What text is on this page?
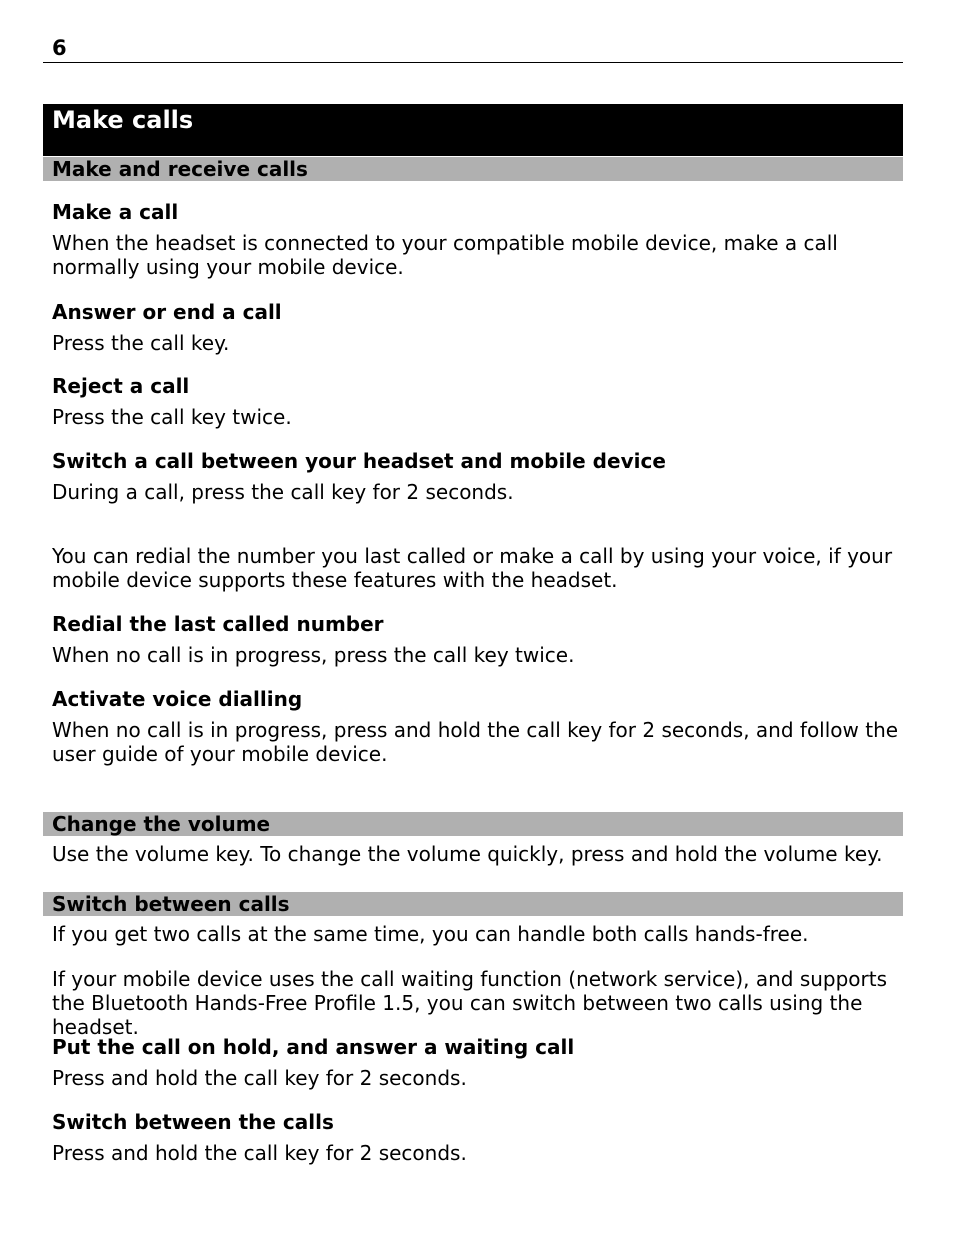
6
Make calls
Make and receive calls

Make a call

When the headset is connected to your compatible mobile device, make a call normally using your mobile device.

Answer or end a call

Press the call key.

Reject a call

Press the call key twice.

Switch a call between your headset and mobile device

During a call, press the call key for 2 seconds.

You can redial the number you last called or make a call by using your voice, if your mobile device supports these features with the headset.

Redial the last called number

When no call is in progress, press the call key twice.

Activate voice dialling

When no call is in progress, press and hold the call key for 2 seconds, and follow the user guide of your mobile device.

Change the volume

Use the volume key. To change the volume quickly, press and hold the volume key.

Switch between calls

If you get two calls at the same time, you can handle both calls hands-free.

If your mobile device uses the call waiting function (network service), and supports the Bluetooth Hands-Free Profile 1.5, you can switch between two calls using the headset.

Put the call on hold, and answer a waiting call

Press and hold the call key for 2 seconds.

Switch between the calls

Press and hold the call key for 2 seconds.
